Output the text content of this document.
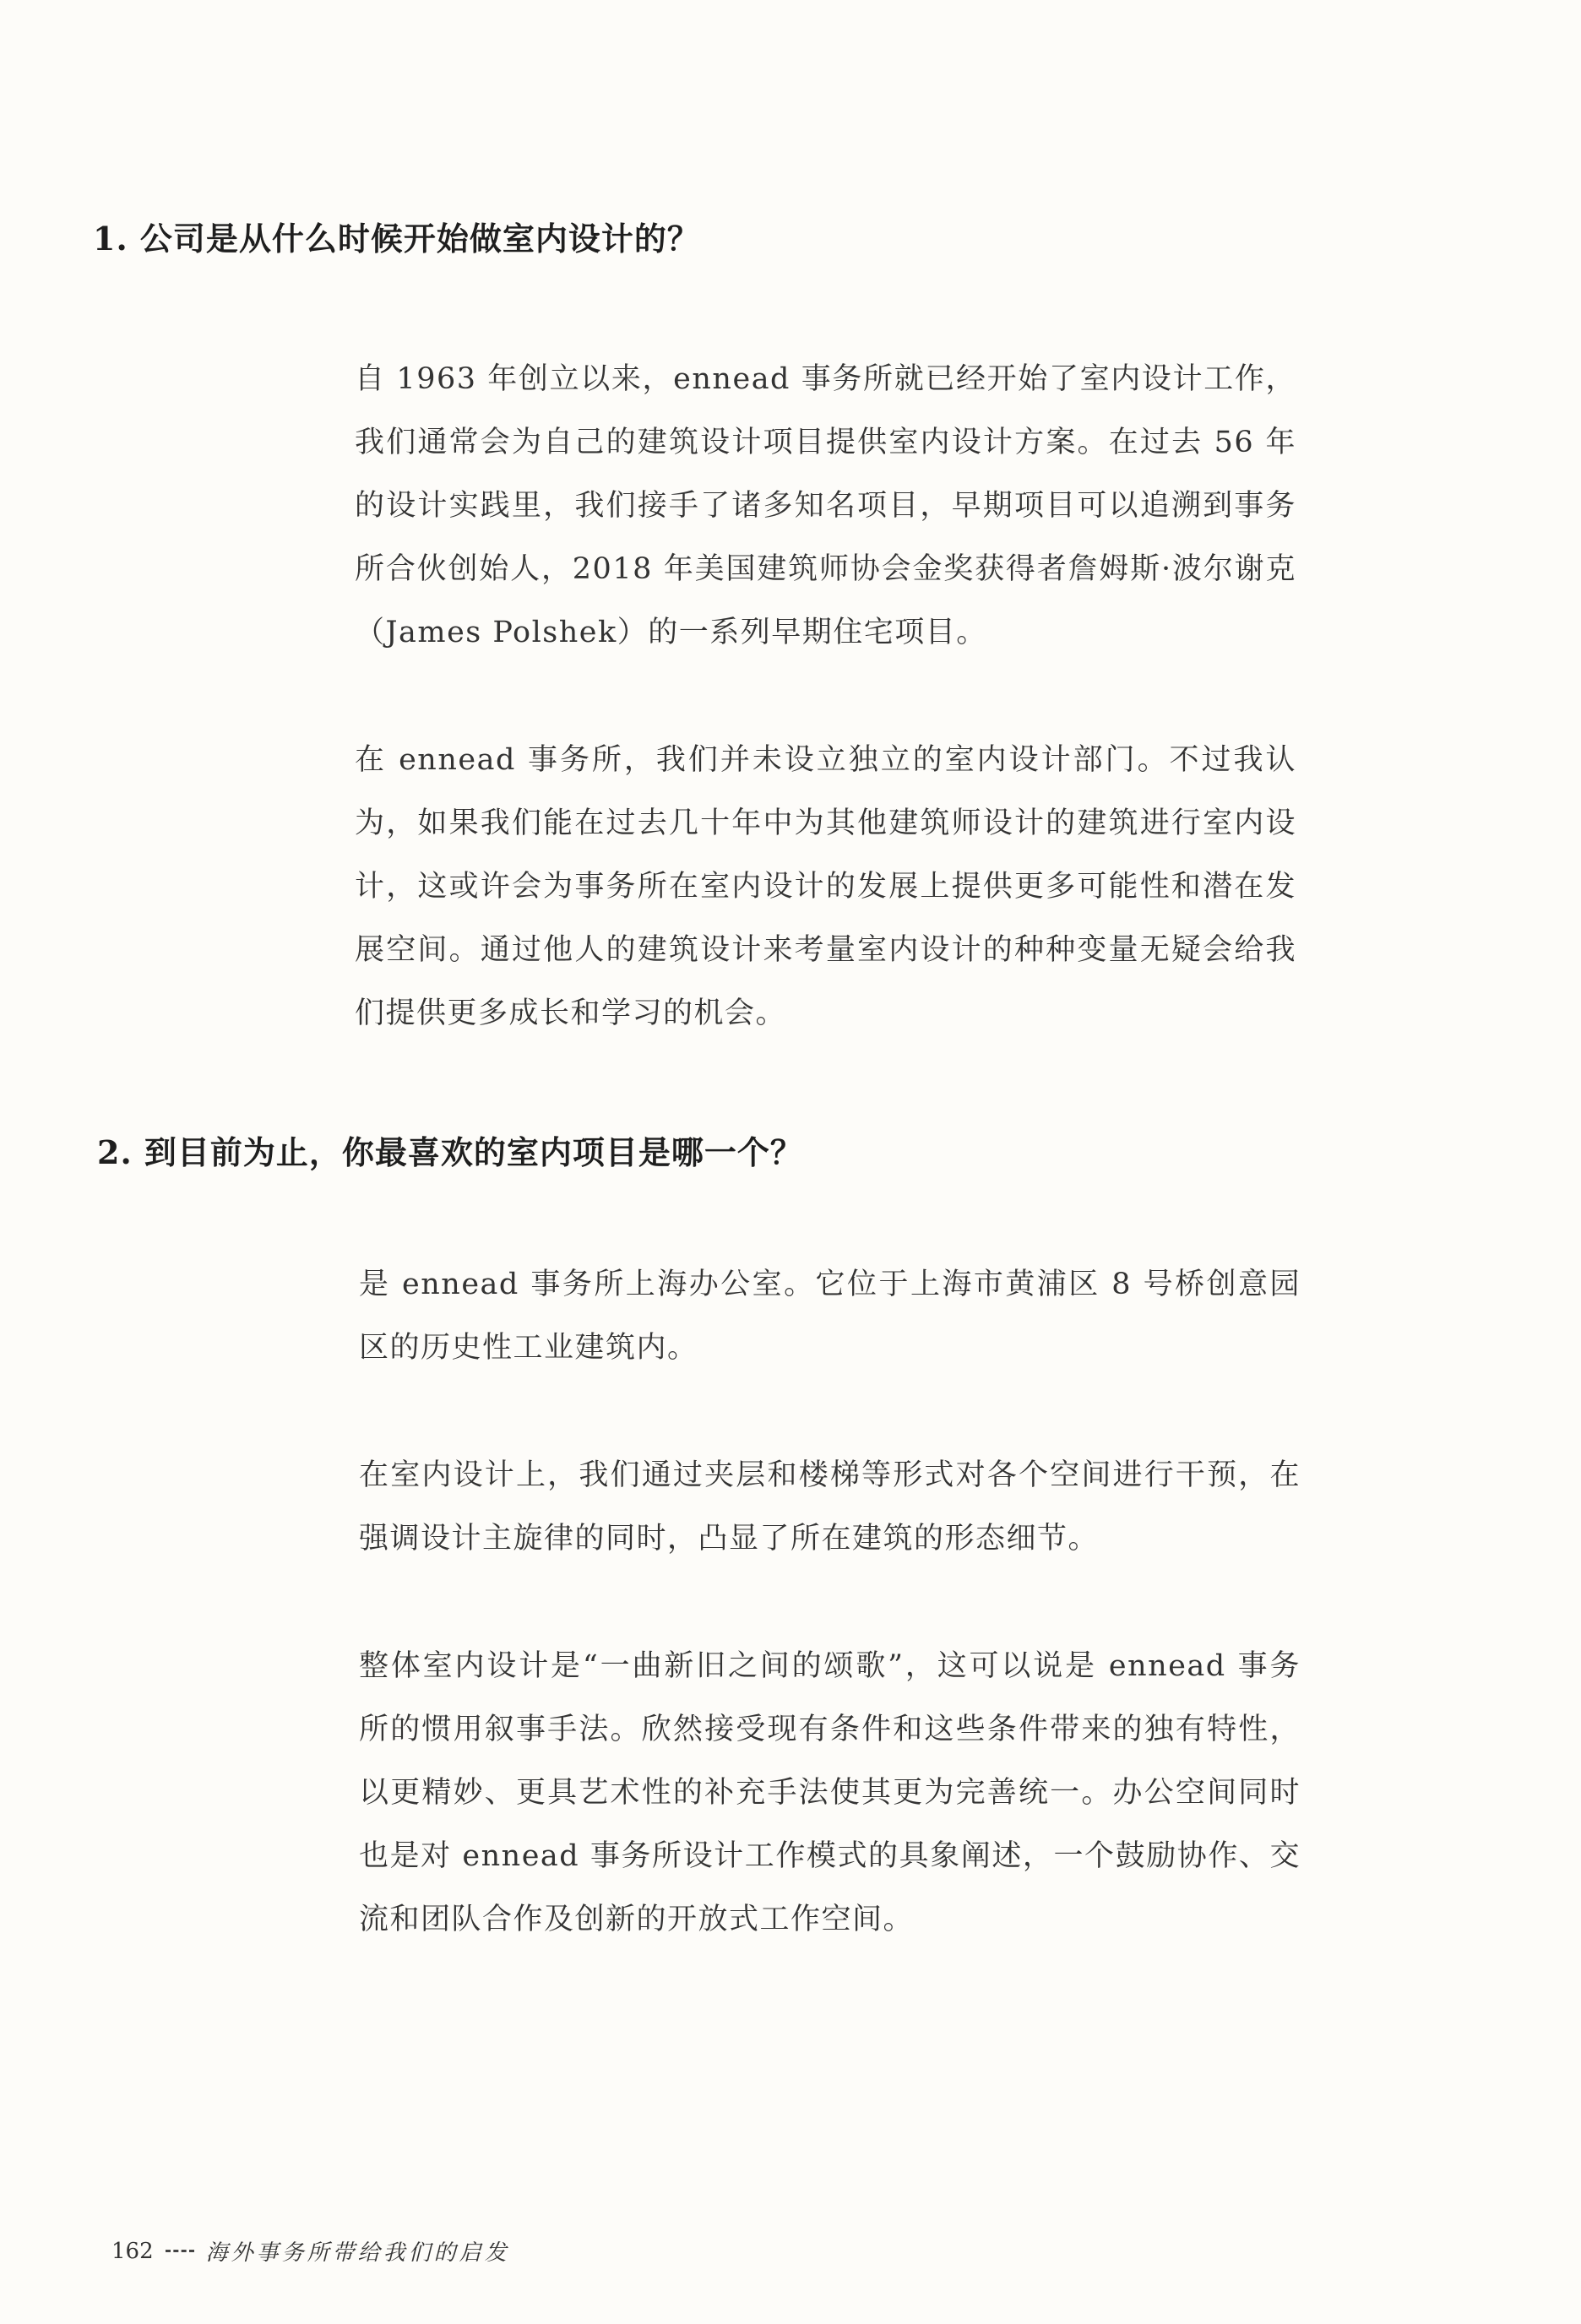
1. 公司是从什么时候开始做室内设计的？

自 1963 年创立以来，ennead 事务所就已经开始了室内设计工作，我们通常会为自己的建筑设计项目提供室内设计方案。在过去 56 年的设计实践里，我们接手了诸多知名项目，早期项目可以追溯到事务所合伙创始人，2018 年美国建筑师协会金奖获得者詹姆斯·波尔谢克（James Polshek）的一系列早期住宅项目。

在 ennead 事务所，我们并未设立独立的室内设计部门。不过我认为，如果我们能在过去几十年中为其他建筑师设计的建筑进行室内设计，这或许会为事务所在室内设计的发展上提供更多可能性和潜在发展空间。通过他人的建筑设计来考量室内设计的种种变量无疑会给我们提供更多成长和学习的机会。

2. 到目前为止，你最喜欢的室内项目是哪一个？

是 ennead 事务所上海办公室。它位于上海市黄浦区 8 号桥创意园区的历史性工业建筑内。

在室内设计上，我们通过夹层和楼梯等形式对各个空间进行干预，在强调设计主旋律的同时，凸显了所在建筑的形态细节。

整体室内设计是“一曲新旧之间的颂歌”，这可以说是 ennead 事务所的惯用叙事手法。欣然接受现有条件和这些条件带来的独有特性，以更精妙、更具艺术性的补充手法使其更为完善统一。办公空间同时也是对 ennead 事务所设计工作模式的具象阐述，一个鼓励协作、交流和团队合作及创新的开放式工作空间。

162 海外事务所带给我们的启发
